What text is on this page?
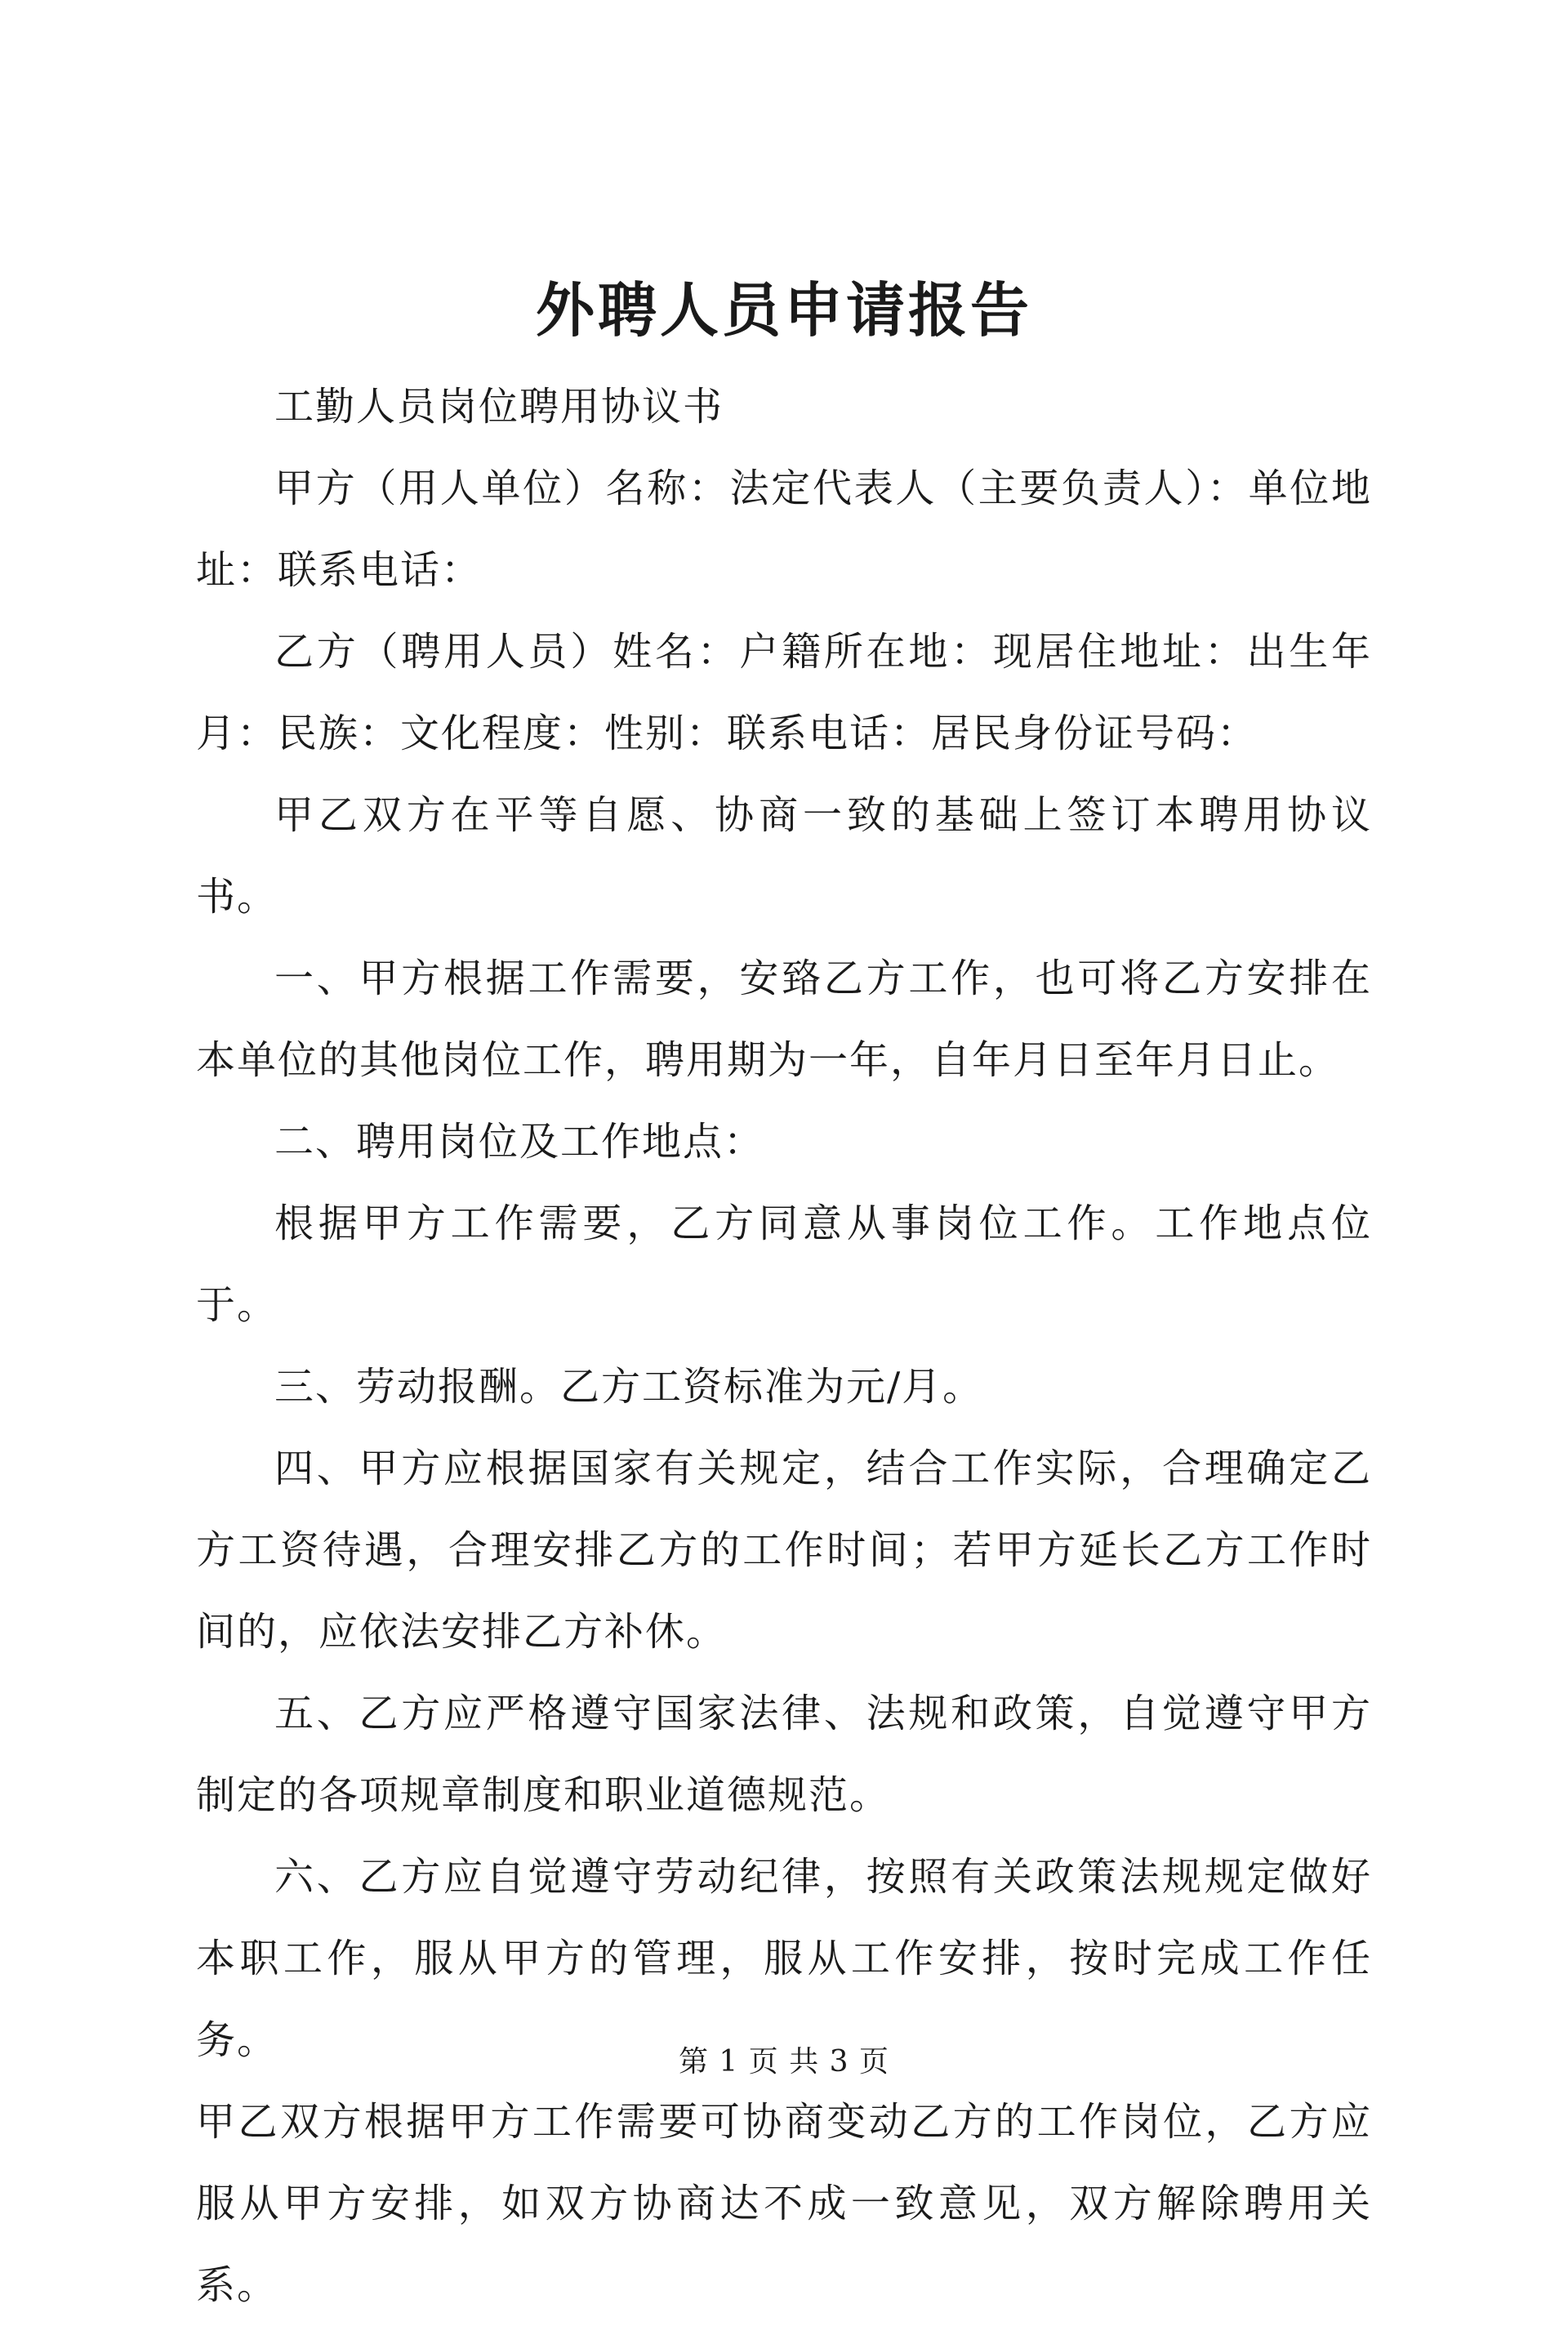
外聘人员申请报告

工勤人员岗位聘用协议书

甲方（用人单位）名称：法定代表人（主要负责人）：单位地址：联系电话：

乙方（聘用人员）姓名：户籍所在地：现居住地址：出生年月：民族：文化程度：性别：联系电话：居民身份证号码：

甲乙双方在平等自愿、协商一致的基础上签订本聘用协议书。

一、甲方根据工作需要，安臵乙方工作，也可将乙方安排在本单位的其他岗位工作，聘用期为一年，自年月日至年月日止。

二、聘用岗位及工作地点：

根据甲方工作需要，乙方同意从事岗位工作。工作地点位于。

三、劳动报酬。乙方工资标准为元/月。

四、甲方应根据国家有关规定，结合工作实际，合理确定乙方工资待遇，合理安排乙方的工作时间；若甲方延长乙方工作时间的，应依法安排乙方补休。

五、乙方应严格遵守国家法律、法规和政策，自觉遵守甲方制定的各项规章制度和职业道德规范。

六、乙方应自觉遵守劳动纪律，按照有关政策法规规定做好本职工作，服从甲方的管理，服从工作安排，按时完成工作任务。

甲乙双方根据甲方工作需要可协商变动乙方的工作岗位，乙方应服从甲方安排，如双方协商达不成一致意见，双方解除聘用关系。

第 1 页 共 3 页
